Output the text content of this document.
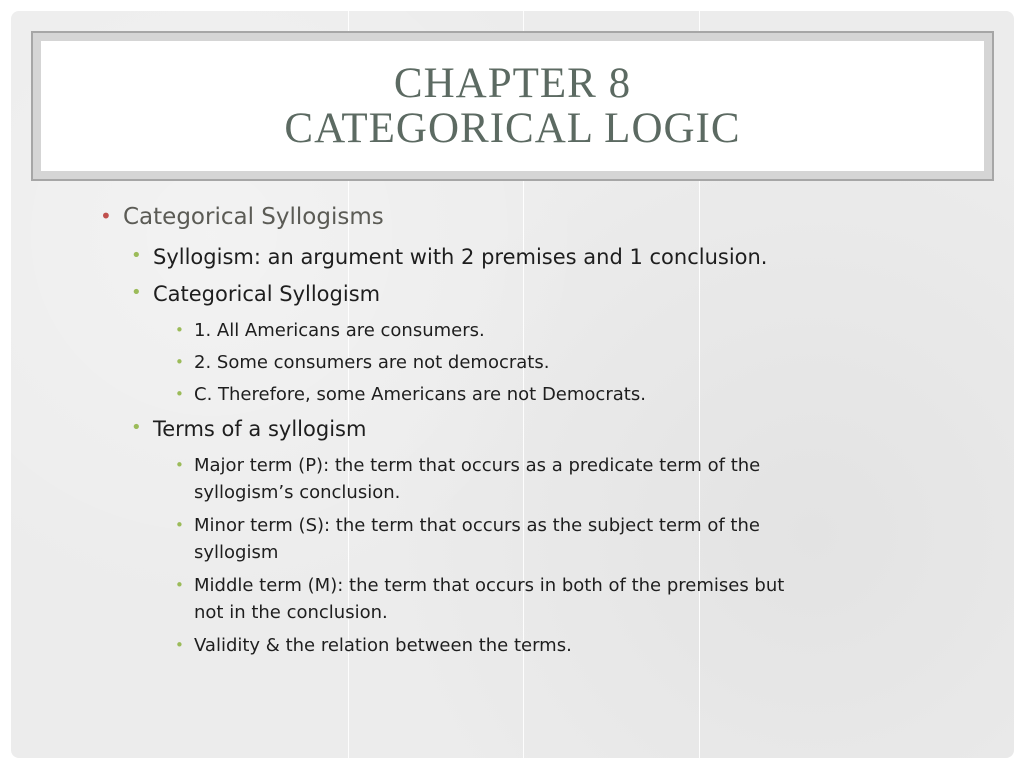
CHAPTER 8
CATEGORICAL LOGIC
• Categorical Syllogisms
• Syllogism: an argument with 2 premises and 1 conclusion.
• Categorical Syllogism
• 1. All Americans are consumers.
• 2. Some consumers are not democrats.
• C. Therefore, some Americans are not Democrats.
• Terms of a syllogism
• Major term (P): the term that occurs as a predicate term of the
syllogism’s conclusion.
• Minor term (S): the term that occurs as the subject term of the
syllogism
• Middle term (M): the term that occurs in both of the premises but
not in the conclusion.
• Validity & the relation between the terms.
